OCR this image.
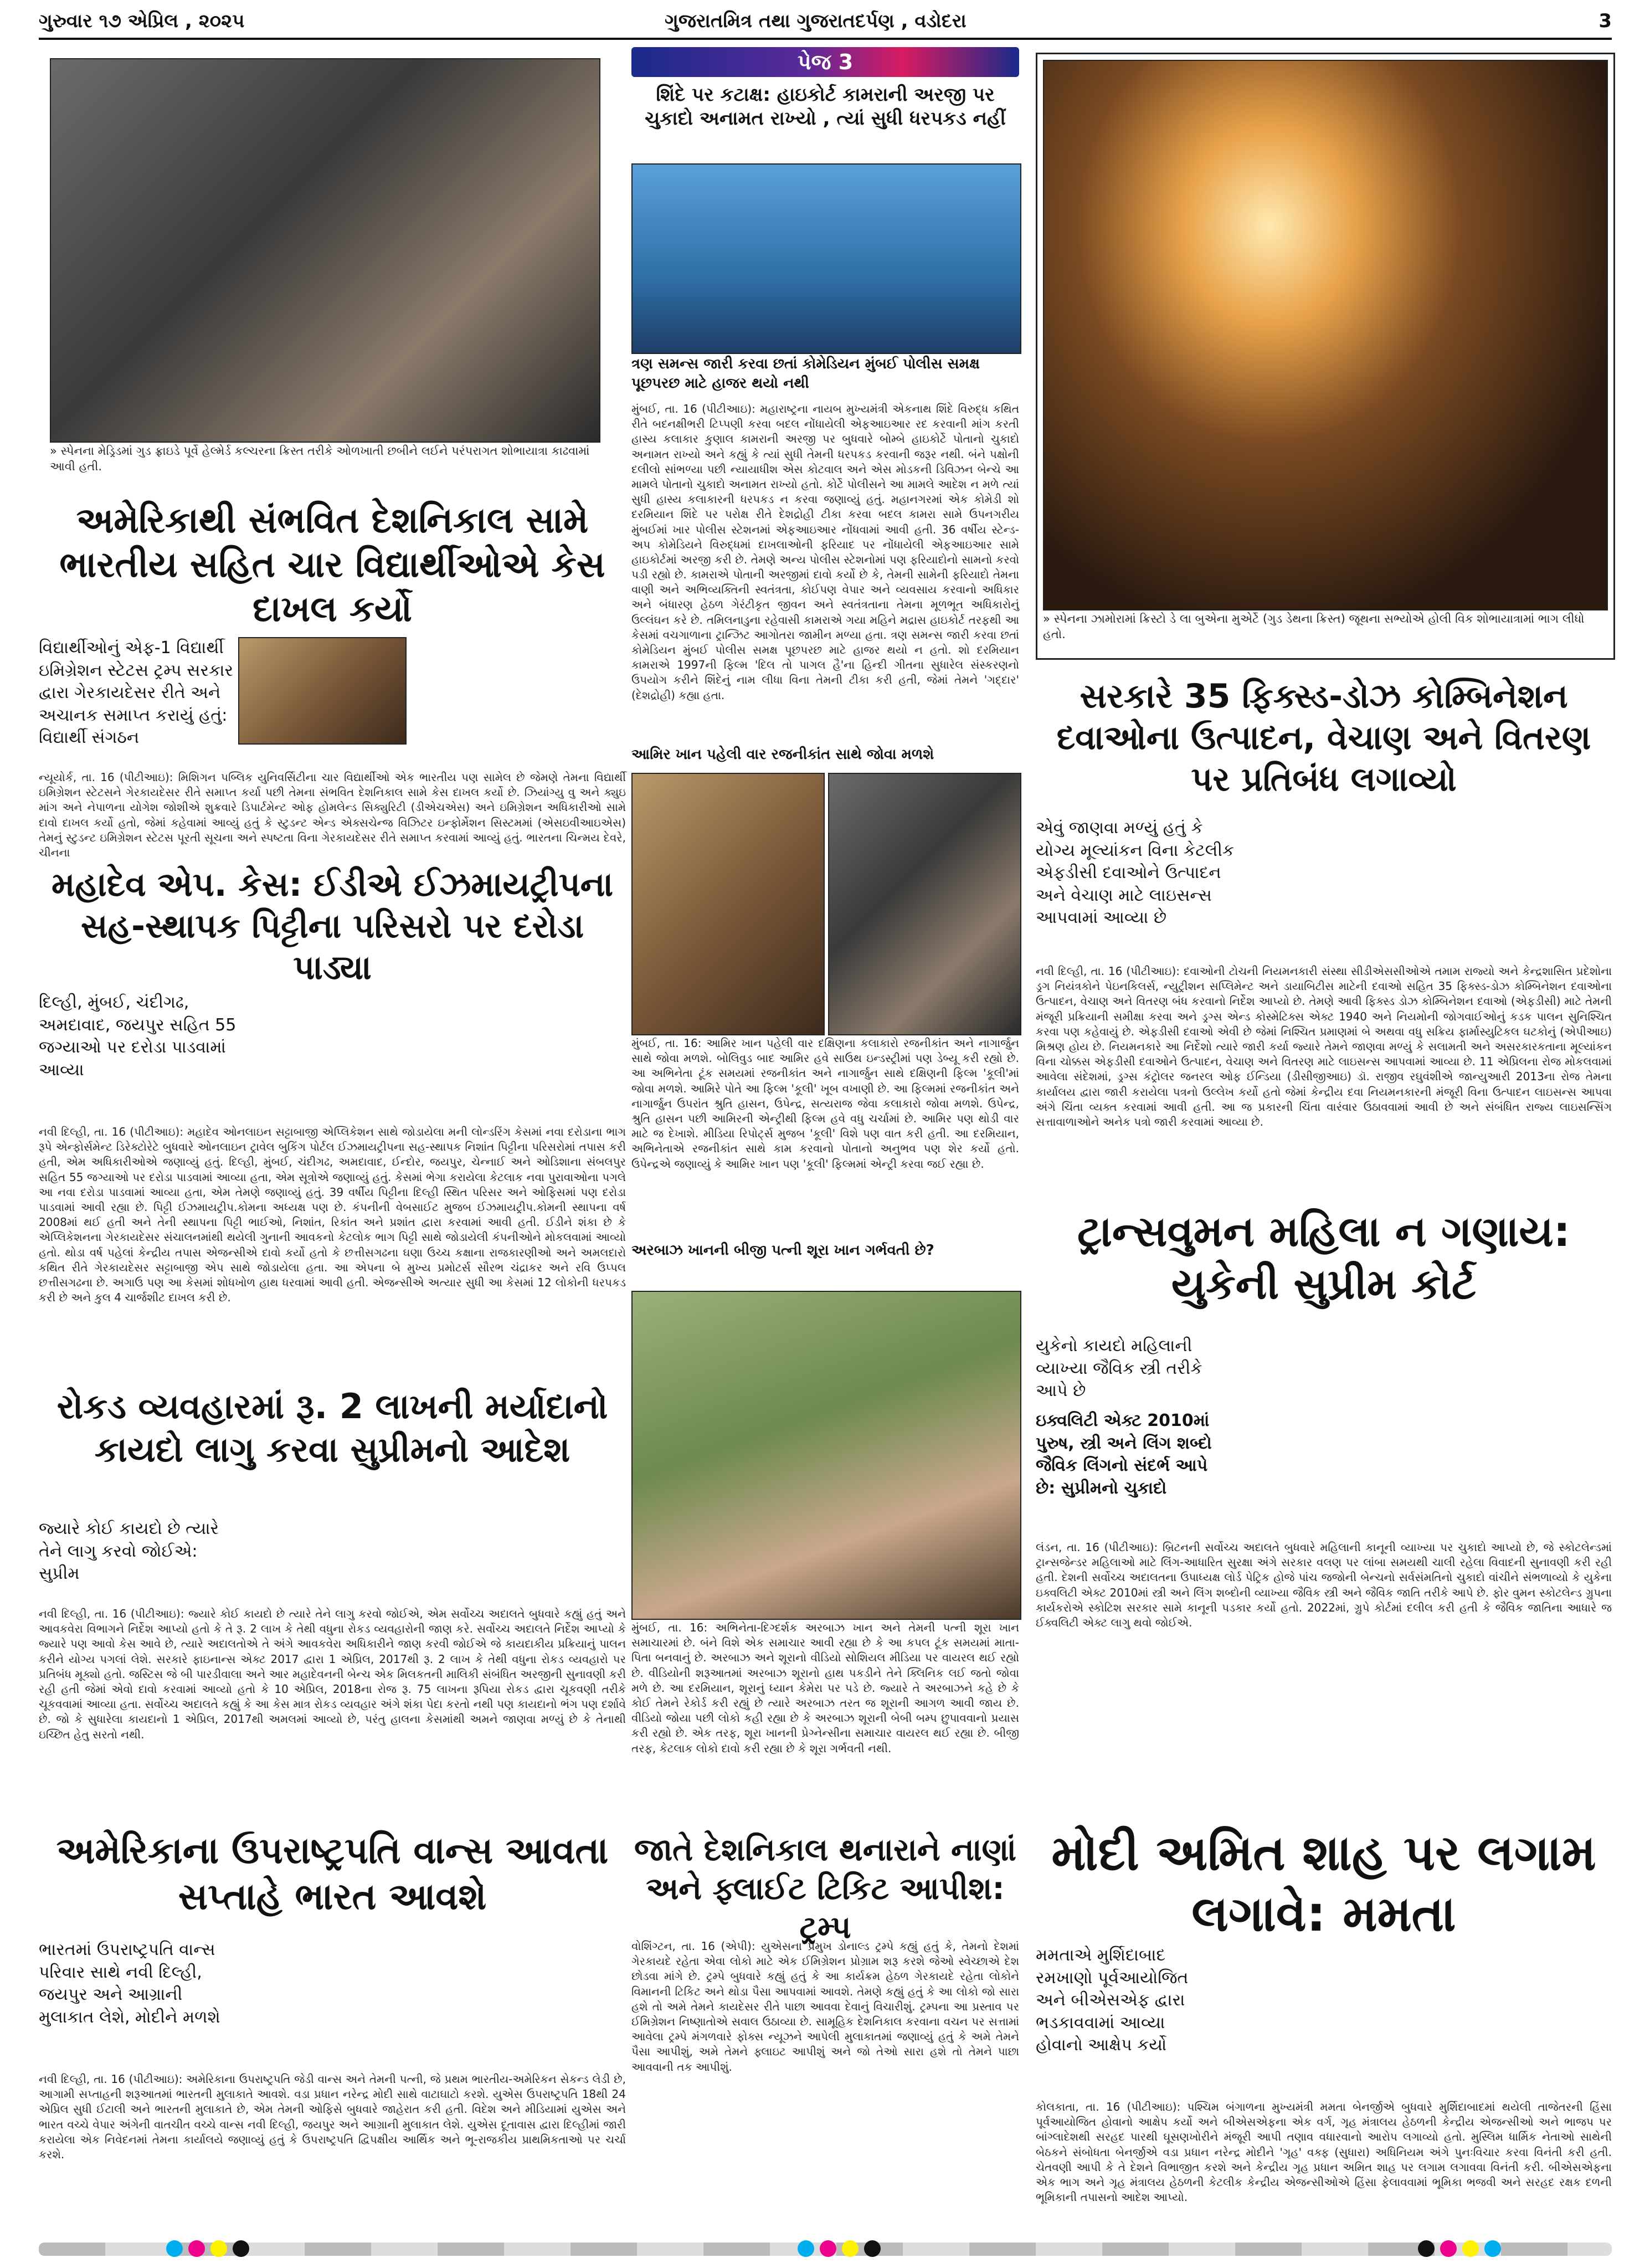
ગુરુવાર ૧૭ એપ્રિલ , ૨૦૨૫	ગુજરાતમિત્ર તથા ગુજરાતદર્પણ , વડોદરા	3
» સ્પેનના મેડ્રિડમાં ગુડ ફ્રાઇડે પૂર્વે હેલ્મેર્ડ કલ્ચરના ક્રિસ્ત તરીકે ઓળખાતી છબીને લઈને પરંપરાગત શોભાયાત્રા કાઢવામાં આવી હતી.
અમેરિકાથી સંભવિત દેશનિકાલ સામે ભારતીય સહિત ચાર વિદ્યાર્થીઓએ કેસ દાખલ કર્યો
વિદ્યાર્થીઓનું એફ-1 વિદ્યાર્થી ઇમિગ્રેશન સ્ટેટસ ટ્રમ્પ સરકાર દ્વારા ગેરકાયદેસર રીતે અને અચાનક સમાપ્ત કરાયું હતું: વિદ્યાર્થી સંગઠન
ન્યૂયોર્ક, તા. 16 (પીટીઆઇ): મિશિગન પબ્લિક યુનિવર્સિટીના ચાર વિદ્યાર્થીઓ એક ભારતીય પણ સામેલ છે જેમણે તેમના વિદ્યાર્થી ઇમિગ્રેશન સ્ટેટસને ગેરકાયદેસર રીતે સમાપ્ત કર્યા પછી તેમના સંભવિત દેશનિકાલ સામે કેસ દાખલ કર્યો છે. ઝિયાંગ્યુ વુ અને ક્યુઇ માંગ અને નેપાળના યોગેશ જોશીએ શુક્રવારે ડિપાર્ટમેન્ટ ઓફ હોમલેન્ડ સિક્યુરિટી (ડીએચએસ) અને ઇમિગ્રેશન અધિકારીઓ સામે દાવો દાખલ કર્યો હતો, જેમાં કહેવામાં આવ્યું હતું કે સ્ટુડન્ટ એન્ડ એક્સચેન્જ વિઝિટર ઇન્ફોર્મેશન સિસ્ટમમાં (એસઇવીઆઇએસ) તેમનું સ્ટુડન્ટ ઇમિગ્રેશન સ્ટેટસ પૂરતી સૂચના અને સ્પષ્ટતા વિના ગેરકાયદેસર રીતે સમાપ્ત કરવામાં આવ્યું હતું. ભારતના ચિન્મય દેવરે, ચીનના
મહાદેવ એપ. કેસ: ઈડીએ ઈઝમાયટ્રીપના સહ-સ્થાપક પિટ્ટીના પરિસરો પર દરોડા પાડ્યા
દિલ્હી, મુંબઈ, ચંદીગઢ, અમદાવાદ, જયપુર સહિત 55 જગ્યાઓ પર દરોડા પાડવામાં આવ્યા
નવી દિલ્હી, તા. 16 (પીટીઆઇ): મહાદેવ ઓનલાઇન સટ્ટાબાજી એપ્લિકેશન સાથે જોડાયેલા મની લોન્ડરિંગ કેસમાં નવા દરોડાના ભાગ રૂપે એન્ફોર્સમેન્ટ ડિરેક્ટોરેટે બુધવારે ઓનલાઇન ટ્રાવેલ બુકિંગ પોર્ટલ ઈઝમાયટ્રીપના સહ-સ્થાપક નિશાંત પિટ્ટીના પરિસરોમાં તપાસ કરી હતી, એમ અધિકારીઓએ જણાવ્યું હતું. દિલ્હી, મુંબઈ, ચંદીગઢ, અમદાવાદ, ઈન્દોર, જયપુર, ચેન્નાઈ અને ઓડિશાના સંબલપુર સહિત 55 જગ્યાઓ પર દરોડા પાડવામાં આવ્યા હતા, એમ સૂત્રોએ જણાવ્યું હતું. કેસમાં ભેગા કરાયેલા કેટલાક નવા પુરાવાઓના પગલે આ નવા દરોડા પાડવામાં આવ્યા હતા, એમ તેમણે જણાવ્યું હતું. 39 વર્ષીય પિટ્ટીના દિલ્હી સ્થિત પરિસર અને ઓફિસમાં પણ દરોડા પાડવામાં આવી રહ્યા છે. પિટ્ટી ઈઝમાયટ્રીપ.કોમના અધ્યક્ષ પણ છે. કંપનીની વેબસાઈટ મુજબ ઈઝમાયટ્રીપ.કોમની સ્થાપના વર્ષ 2008માં થઈ હતી અને તેની સ્થાપના પિટ્ટી ભાઈઓ, નિશાંત, રિકાંત અને પ્રશાંત દ્વારા કરવામાં આવી હતી. ઈડીને શંકા છે કે એપ્લિકેશનના ગેરકાયદેસર સંચાલનમાંથી થયેલી ગુનાની આવકનો કેટલોક ભાગ પિટ્ટી સાથે જોડાયેલી કંપનીઓને મોકલવામાં આવ્યો હતો. થોડા વર્ષ પહેલાં કેન્દ્રીય તપાસ એજન્સીએ દાવો કર્યો હતો કે છત્તીસગઢના ઘણા ઉચ્ચ કક્ષાના રાજકારણીઓ અને અમલદારો કથિત રીતે ગેરકાયદેસર સટ્ટાબાજી એપ સાથે જોડાયેલા હતા. આ એપના બે મુખ્ય પ્રમોટર્સ સૌરભ ચંદ્રાકર અને રવિ ઉપ્પલ છત્તીસગઢના છે. અગાઉ પણ આ કેસમાં શોધખોળ હાથ ધરવામાં આવી હતી. એજન્સીએ અત્યાર સુધી આ કેસમાં 12 લોકોની ધરપકડ કરી છે અને કુલ 4 ચાર્જશીટ દાખલ કરી છે.
રોકડ વ્યવહારમાં રૂ. 2 લાખની મર્યાદાનો કાયદો લાગુ કરવા સુપ્રીમનો આદેશ
જ્યારે કોઈ કાયદો છે ત્યારે તેને લાગુ કરવો જોઈએ: સુપ્રીમ
નવી દિલ્હી, તા. 16 (પીટીઆઇ): જ્યારે કોઈ કાયદો છે ત્યારે તેને લાગુ કરવો જોઈએ, એમ સર્વોચ્ચ અદાલતે બુધવારે કહ્યું હતું અને આવકવેરા વિભાગને નિર્દેશ આપ્યો હતો કે તે રૂ. 2 લાખ કે તેથી વધુના રોકડ વ્યવહારોની જાણ કરે. સર્વોચ્ચ અદાલતે નિર્દેશ આપ્યો કે જ્યારે પણ આવો કેસ આવે છે, ત્યારે અદાલતોએ તે અંગે આવકવેરા અધિકારીને જાણ કરવી જોઈએ જે કાયદાકીય પ્રક્રિયાનું પાલન કરીને યોગ્ય પગલાં લેશે. સરકારે ફાઇનાન્સ એક્ટ 2017 દ્વારા 1 એપ્રિલ, 2017થી રૂ. 2 લાખ કે તેથી વધુના રોકડ વ્યવહારો પર પ્રતિબંધ મૂક્યો હતો. જસ્ટિસ જે બી પારડીવાલા અને આર મહાદેવનની બેન્ચ એક મિલકતની માલિકી સંબંધિત અરજીની સુનાવણી કરી રહી હતી જેમાં એવો દાવો કરવામાં આવ્યો હતો કે 10 એપ્રિલ, 2018ના રોજ રૂ. 75 લાખના રૂપિયા રોકડ દ્વારા ચૂકવણી તરીકે ચૂકવવામાં આવ્યા હતા. સર્વોચ્ચ અદાલતે કહ્યું કે આ કેસ માત્ર રોકડ વ્યવહાર અંગે શંકા પેદા કરતો નથી પણ કાયદાનો ભંગ પણ દર્શાવે છે. જો કે સુધારેલા કાયદાનો 1 એપ્રિલ, 2017થી અમલમાં આવ્યો છે, પરંતુ હાલના કેસમાંથી અમને જાણવા મળ્યું છે કે તેનાથી ઇચ્છિત હેતુ સરતો નથી.
અમેરિકાના ઉપરાષ્ટ્રપતિ વાન્સ આવતા સપ્તાહે ભારત આવશે
ભારતમાં ઉપરાષ્ટ્રપતિ વાન્સ પરિવાર સાથે નવી દિલ્હી, જયપુર અને આગ્રાની મુલાકાત લેશે, મોદીને મળશે
નવી દિલ્હી, તા. 16 (પીટીઆઇ): અમેરિકાના ઉપરાષ્ટ્રપતિ જેડી વાન્સ અને તેમની પત્ની, જે પ્રથમ ભારતીય-અમેરિકન સેકન્ડ લેડી છે, આગામી સપ્તાહની શરૂઆતમાં ભારતની મુલાકાતે આવશે. વડા પ્રધાન નરેન્દ્ર મોદી સાથે વાટાઘાટો કરશે. યુએસ ઉપરાષ્ટ્રપતિ 18થી 24 એપ્રિલ સુધી ઈટાલી અને ભારતની મુલાકાતે છે, એમ તેમની ઓફિસે બુધવારે જાહેરાત કરી હતી. વિદેશ અને મીડિયામાં યુએસ અને ભારત વચ્ચે વેપાર અંગેની વાતચીત વચ્ચે વાન્સ નવી દિલ્હી, જયપુર અને આગ્રાની મુલાકાત લેશે. યુએસ દૂતાવાસ દ્વારા દિલ્હીમાં જારી કરાયેલા એક નિવેદનમાં તેમના કાર્યાલયે જણાવ્યું હતું કે ઉપરાષ્ટ્રપતિ દ્વિપક્ષીય આર્થિક અને ભૂ-રાજકીય પ્રાથમિકતાઓ પર ચર્ચા કરશે.
પેજ 3
શિંદે પર કટાક્ષ: હાઇકોર્ટ કામરાની અરજી પર ચુકાદો અનામત રાખ્યો , ત્યાં સુધી ધરપકડ નહીં
ત્રણ સમન્સ જારી કરવા છતાં કોમેડિયન મુંબઈ પોલીસ સમક્ષ પૂછપરછ માટે હાજર થયો નથી
મુંબઈ, તા. 16 (પીટીઆઇ): મહારાષ્ટ્રના નાયબ મુખ્યમંત્રી એકનાથ શિંદે વિરુદ્ધ કથિત રીતે બદનક્ષીભરી ટિપ્પણી કરવા બદલ નોંધાયેલી એફઆઇઆર રદ કરવાની માંગ કરતી હાસ્ય કલાકાર કુણાલ કામરાની અરજી પર બુધવારે બોમ્બે હાઇકોર્ટે પોતાનો ચુકાદો અનામત રાખ્યો અને કહ્યું કે ત્યાં સુધી તેમની ધરપકડ કરવાની જરૂર નથી. બંને પક્ષોની દલીલો સાંભળ્યા પછી ન્યાયાધીશ એસ કોટવાલ અને એસ મોડકની ડિવિઝન બેન્ચે આ મામલે પોતાનો ચુકાદો અનામત રાખ્યો હતો. કોર્ટે પોલીસને આ મામલે આદેશ ન મળે ત્યાં સુધી હાસ્ય કલાકારની ધરપકડ ન કરવા જણાવ્યું હતું. મહાનગરમાં એક કોમેડી શો દરમિયાન શિંદે પર પરોક્ષ રીતે દેશદ્રોહી ટીકા કરવા બદલ કામરા સામે ઉપનગરીય મુંબઈમાં ખાર પોલીસ સ્ટેશનમાં એફઆઇઆર નોંધવામાં આવી હતી. 36 વર્ષીય સ્ટેન્ડ-અપ કોમેડિયને વિરુદ્ધમાં દાખલાઓની ફરિયાદ પર નોંધાયેલી એફઆઇઆર સામે હાઇકોર્ટમાં અરજી કરી છે. તેમણે અન્ય પોલીસ સ્ટેશનોમાં પણ ફરિયાદોનો સામનો કરવો પડી રહ્યો છે. કામરાએ પોતાની અરજીમાં દાવો કર્યો છે કે, તેમની સામેની ફરિયાદો તેમના વાણી અને અભિવ્યક્તિની સ્વતંત્રતા, કોઈપણ વેપાર અને વ્યવસાય કરવાનો અધિકાર અને બંધારણ હેઠળ ગેરંટીકૃત જીવન અને સ્વતંત્રતાના તેમના મૂળભૂત અધિકારોનું ઉલ્લંઘન કરે છે. તમિલનાડુના રહેવાસી કામરાએ ગયા મહિને મદ્રાસ હાઇકોર્ટ તરફથી આ કેસમાં વચગાળાના ટ્રાન્ઝિટ આગોતરા જામીન મળ્યા હતા. ત્રણ સમન્સ જારી કરવા છતાં કોમેડિયન મુંબઈ પોલીસ સમક્ષ પૂછપરછ માટે હાજર થયો ન હતો. શો દરમિયાન કામરાએ 1997ની ફિલ્મ 'દિલ તો પાગલ હૈ'ના હિન્દી ગીતના સુધારેલ સંસ્કરણનો ઉપયોગ કરીને શિંદેનું નામ લીધા વિના તેમની ટીકા કરી હતી, જેમાં તેમને 'ગદ્દાર' (દેશદ્રોહી) કહ્યા હતા.
આમિર ખાન પહેલી વાર રજનીકાંત સાથે જોવા મળશે
મુંબઈ, તા. 16: આમિર ખાન પહેલી વાર દક્ષિણના કલાકારો રજનીકાંત અને નાગાર્જુન સાથે જોવા મળશે. બોલિવુડ બાદ આમિર હવે સાઉથ ઇન્ડસ્ટ્રીમાં પણ ડેબ્યૂ કરી રહ્યો છે. આ અભિનેતા ટૂંક સમયમાં રજનીકાંત અને નાગાર્જુન સાથે દક્ષિણની ફિલ્મ 'કૂલી'માં જોવા મળશે. આમિરે પોતે આ ફિલ્મ 'કૂલી' ખૂબ વખાણી છે. આ ફિલ્મમાં રજનીકાંત અને નાગાર્જુન ઉપરાંત શ્રુતિ હાસન, ઉપેન્દ્ર, સત્યરાજ જેવા કલાકારો જોવા મળશે. ઉપેન્દ્ર, શ્રુતિ હાસન પછી આમિરની એન્ટ્રીથી ફિલ્મ હવે વધુ ચર્ચામાં છે. આમિર પણ થોડી વાર માટે જ દેખાશે. મીડિયા રિપોર્ટ્સ મુજબ 'કૂલી' વિશે પણ વાત કરી હતી. આ દરમિયાન, અભિનેતાએ રજનીકાંત સાથે કામ કરવાનો પોતાનો અનુભવ પણ શેર કર્યો હતો. ઉપેન્દ્રએ જણાવ્યું કે આમિર ખાન પણ 'કૂલી' ફિલ્મમાં એન્ટ્રી કરવા જઈ રહ્યા છે.
અરબાઝ ખાનની બીજી પત્ની શૂરા ખાન ગર્ભવતી છે?
મુંબઈ, તા. 16: અભિનેતા-દિગ્દર્શક અરબાઝ ખાન અને તેમની પત્ની શૂરા ખાન સમાચારમાં છે. બંને વિશે એક સમાચાર આવી રહ્યા છે કે આ કપલ ટૂંક સમયમાં માતા-પિતા બનવાનું છે. અરબાઝ અને શૂરાનો વીડિયો સોશિયલ મીડિયા પર વાયરલ થઈ રહ્યો છે. વીડિયોની શરૂઆતમાં અરબાઝ શૂરાનો હાથ પકડીને તેને ક્લિનિક લઈ જતો જોવા મળે છે. આ દરમિયાન, શૂરાનું ધ્યાન કેમેરા પર પડે છે. જ્યારે તે અરબાઝને કહે છે કે કોઈ તેમને રેકોર્ડ કરી રહ્યું છે ત્યારે અરબાઝ તરત જ શૂરાની આગળ આવી જાય છે. વીડિયો જોયા પછી લોકો કહી રહ્યા છે કે અરબાઝ શૂરાની બેબી બમ્પ છુપાવવાનો પ્રયાસ કરી રહ્યો છે. એક તરફ, શૂરા ખાનની પ્રેગ્નેન્સીના સમાચાર વાયરલ થઈ રહ્યા છે. બીજી તરફ, કેટલાક લોકો દાવો કરી રહ્યા છે કે શૂરા ગર્ભવતી નથી.
જાતે દેશનિકાલ થનારાને નાણાં અને ફ્લાઈટ ટિકિટ આપીશ: ટ્રમ્પ
વોશિંગ્ટન, તા. 16 (એપી): યુએસના પ્રમુખ ડોનાલ્ડ ટ્રમ્પે કહ્યું હતું કે, તેમનો દેશમાં ગેરકાયદે રહેતા એવા લોકો માટે એક ઈમિગ્રેશન પ્રોગ્રામ શરૂ કરશે જેઓ સ્વેચ્છાએ દેશ છોડવા માંગે છે. ટ્રમ્પે બુધવારે કહ્યું હતું કે આ કાર્યક્રમ હેઠળ ગેરકાયદે રહેતા લોકોને વિમાનની ટિકિટ અને થોડા પૈસા આપવામાં આવશે. તેમણે કહ્યું હતું કે આ લોકો જો સારા હશે તો અમે તેમને કાયદેસર રીતે પાછા આવવા દેવાનું વિચારીશું. ટ્રમ્પના આ પ્રસ્તાવ પર ઈમિગ્રેશન નિષ્ણાતોએ સવાલ ઉઠાવ્યા છે. સામૂહિક દેશનિકાલ કરવાના વચન પર સત્તામાં આવેલા ટ્રમ્પે મંગળવારે ફોક્સ ન્યૂઝને આપેલી મુલાકાતમાં જણાવ્યું હતું કે અમે તેમને પૈસા આપીશું, અમે તેમને ફ્લાઇટ આપીશું અને જો તેઓ સારા હશે તો તેમને પાછા આવવાની તક આપીશું.
» સ્પેનના ઝામોરામાં ક્રિસ્ટો ડે લા બુએના મુએર્ટે (ગુડ ડેથના ક્રિસ્ત) જૂથના સભ્યોએ હોલી વિક શોભાયાત્રામાં ભાગ લીધો હતો.
સરકારે 35 ફિક્સ્ડ-ડોઝ કોમ્બિનેશન દવાઓના ઉત્પાદન, વેચાણ અને વિતરણ પર પ્રતિબંધ લગાવ્યો
એવું જાણવા મળ્યું હતું કે યોગ્ય મૂલ્યાંકન વિના કેટલીક એફડીસી દવાઓને ઉત્પાદન અને વેચાણ માટે લાઇસન્સ આપવામાં આવ્યા છે
નવી દિલ્હી, તા. 16 (પીટીઆઇ): દવાઓની ટોચની નિયમનકારી સંસ્થા સીડીએસસીઓએ તમામ રાજ્યો અને કેન્દ્રશાસિત પ્રદેશોના ડ્રગ નિયંત્રકોને પેઇનકિલર્સ, ન્યુટ્રીશન સપ્લિમેન્ટ અને ડાયાબિટીસ માટેની દવાઓ સહિત 35 ફિક્સ્ડ-ડોઝ કોમ્બિનેશન દવાઓના ઉત્પાદન, વેચાણ અને વિતરણ બંધ કરવાનો નિર્દેશ આપ્યો છે. તેમણે આવી ફિક્સ્ડ ડોઝ કોમ્બિનેશન દવાઓ (એફડીસી) માટે તેમની મંજૂરી પ્રક્રિયાની સમીક્ષા કરવા અને ડ્રગ્સ એન્ડ કોસ્મેટિક્સ એક્ટ 1940 અને નિયમોની જોગવાઈઓનું કડક પાલન સુનિશ્ચિત કરવા પણ કહેવાયું છે. એફડીસી દવાઓ એવી છે જેમાં નિશ્ચિત પ્રમાણમાં બે અથવા વધુ સક્રિય ફાર્માસ્યુટિકલ ઘટકોનું (એપીઆઇ) મિશ્રણ હોય છે. નિયમનકારે આ નિર્દેશો ત્યારે જારી કર્યા જ્યારે તેમને જાણવા મળ્યું કે સલામતી અને અસરકારકતાના મૂલ્યાંકન વિના ચોક્કસ એફડીસી દવાઓને ઉત્પાદન, વેચાણ અને વિતરણ માટે લાઇસન્સ આપવામાં આવ્યા છે. 11 એપ્રિલના રોજ મોકલવામાં આવેલા સંદેશમાં, ડ્રગ્સ કંટ્રોલર જનરલ ઓફ ઈન્ડિયા (ડીસીજીઆઇ) ડૉ. રાજીવ રઘુવંશીએ જાન્યુઆરી 2013ના રોજ તેમના કાર્યાલય દ્વારા જારી કરાયેલા પત્રનો ઉલ્લેખ કર્યો હતો જેમાં કેન્દ્રીય દવા નિયમનકારની મંજૂરી વિના ઉત્પાદન લાઇસન્સ આપવા અંગે ચિંતા વ્યક્ત કરવામાં આવી હતી. આ જ પ્રકારની ચિંતા વારંવાર ઉઠાવવામાં આવી છે અને સંબંધિત રાજ્ય લાઇસન્સિંગ સત્તાવાળાઓને અનેક પત્રો જારી કરવામાં આવ્યા છે.
ટ્રાન્સવુમન મહિલા ન ગણાય: યુકેની સુપ્રીમ કોર્ટ
યુકેનો કાયદો મહિલાની વ્યાખ્યા જૈવિક સ્ત્રી તરીકે આપે છે
ઇક્વલિટી એક્ટ 2010માં પુરુષ, સ્ત્રી અને લિંગ શબ્દો જૈવિક લિંગનો સંદર્ભ આપે છે: સુપ્રીમનો ચુકાદો
લંડન, તા. 16 (પીટીઆઇ): બ્રિટનની સર્વોચ્ચ અદાલતે બુધવારે મહિલાની કાનૂની વ્યાખ્યા પર ચુકાદો આપ્યો છે, જે સ્કોટલેન્ડમાં ટ્રાન્સજેન્ડર મહિલાઓ માટે લિંગ-આધારિત સુરક્ષા અંગે સરકાર વલણ પર લાંબા સમયથી ચાલી રહેલા વિવાદની સુનાવણી કરી રહી હતી. દેશની સર્વોચ્ચ અદાલતના ઉપાધ્યક્ષ લોર્ડ પેટ્રિક હોજે પાંચ જજોની બેન્ચનો સર્વસંમતિનો ચુકાદો વાંચીને સંભળાવ્યો કે યુકેના ઇક્વલિટી એક્ટ 2010માં સ્ત્રી અને લિંગ શબ્દોની વ્યાખ્યા જૈવિક સ્ત્રી અને જૈવિક જાતિ તરીકે આપે છે. ફોર વુમન સ્કોટલેન્ડ ગ્રુપના કાર્યકરોએ સ્કોટિશ સરકાર સામે કાનૂની પડકાર કર્યો હતો. 2022માં, ગ્રુપે કોર્ટમાં દલીલ કરી હતી કે જૈવિક જાતિના આધારે જ ઈક્વલિટી એક્ટ લાગુ થવો જોઈએ.
મોદી અમિત શાહ પર લગામ લગાવે: મમતા
મમતાએ મુર્શિદાબાદ રમખાણો પૂર્વઆયોજિત અને બીએસએફ દ્વારા ભડકાવવામાં આવ્યા હોવાનો આક્ષેપ કર્યો
કોલકાતા, તા. 16 (પીટીઆઇ): પશ્ચિમ બંગાળના મુખ્યમંત્રી મમતા બેનર્જીએ બુધવારે મુર્શિદાબાદમાં થયેલી તાજેતરની હિંસા પૂર્વઆયોજિત હોવાનો આક્ષેપ કર્યો અને બીએસએફના એક વર્ગ, ગૃહ મંત્રાલય હેઠળની કેન્દ્રીય એજન્સીઓ અને ભાજપ પર બાંગ્લાદેશથી સરહદ પારથી ઘૂસણખોરીને મંજૂરી આપી તણાવ વધારવાનો આરોપ લગાવ્યો હતો. મુસ્લિમ ધાર્મિક નેતાઓ સાથેની બેઠકને સંબોધતા બેનર્જીએ વડા પ્રધાન નરેન્દ્ર મોદીને 'ગૃહ' વક્ફ (સુધારા) અધિનિયમ અંગે પુનઃવિચાર કરવા વિનંતી કરી હતી. ચેતવણી આપી કે તે દેશને વિભાજીત કરશે અને કેન્દ્રીય ગૃહ પ્રધાન અમિત શાહ પર લગામ લગાવવા વિનંતી કરી. બીએસએફના એક ભાગ અને ગૃહ મંત્રાલય હેઠળની કેટલીક કેન્દ્રીય એજન્સીઓએ હિંસા ફેલાવવામાં ભૂમિકા ભજવી અને સરહદ રક્ષક દળની ભૂમિકાની તપાસનો આદેશ આપ્યો.
